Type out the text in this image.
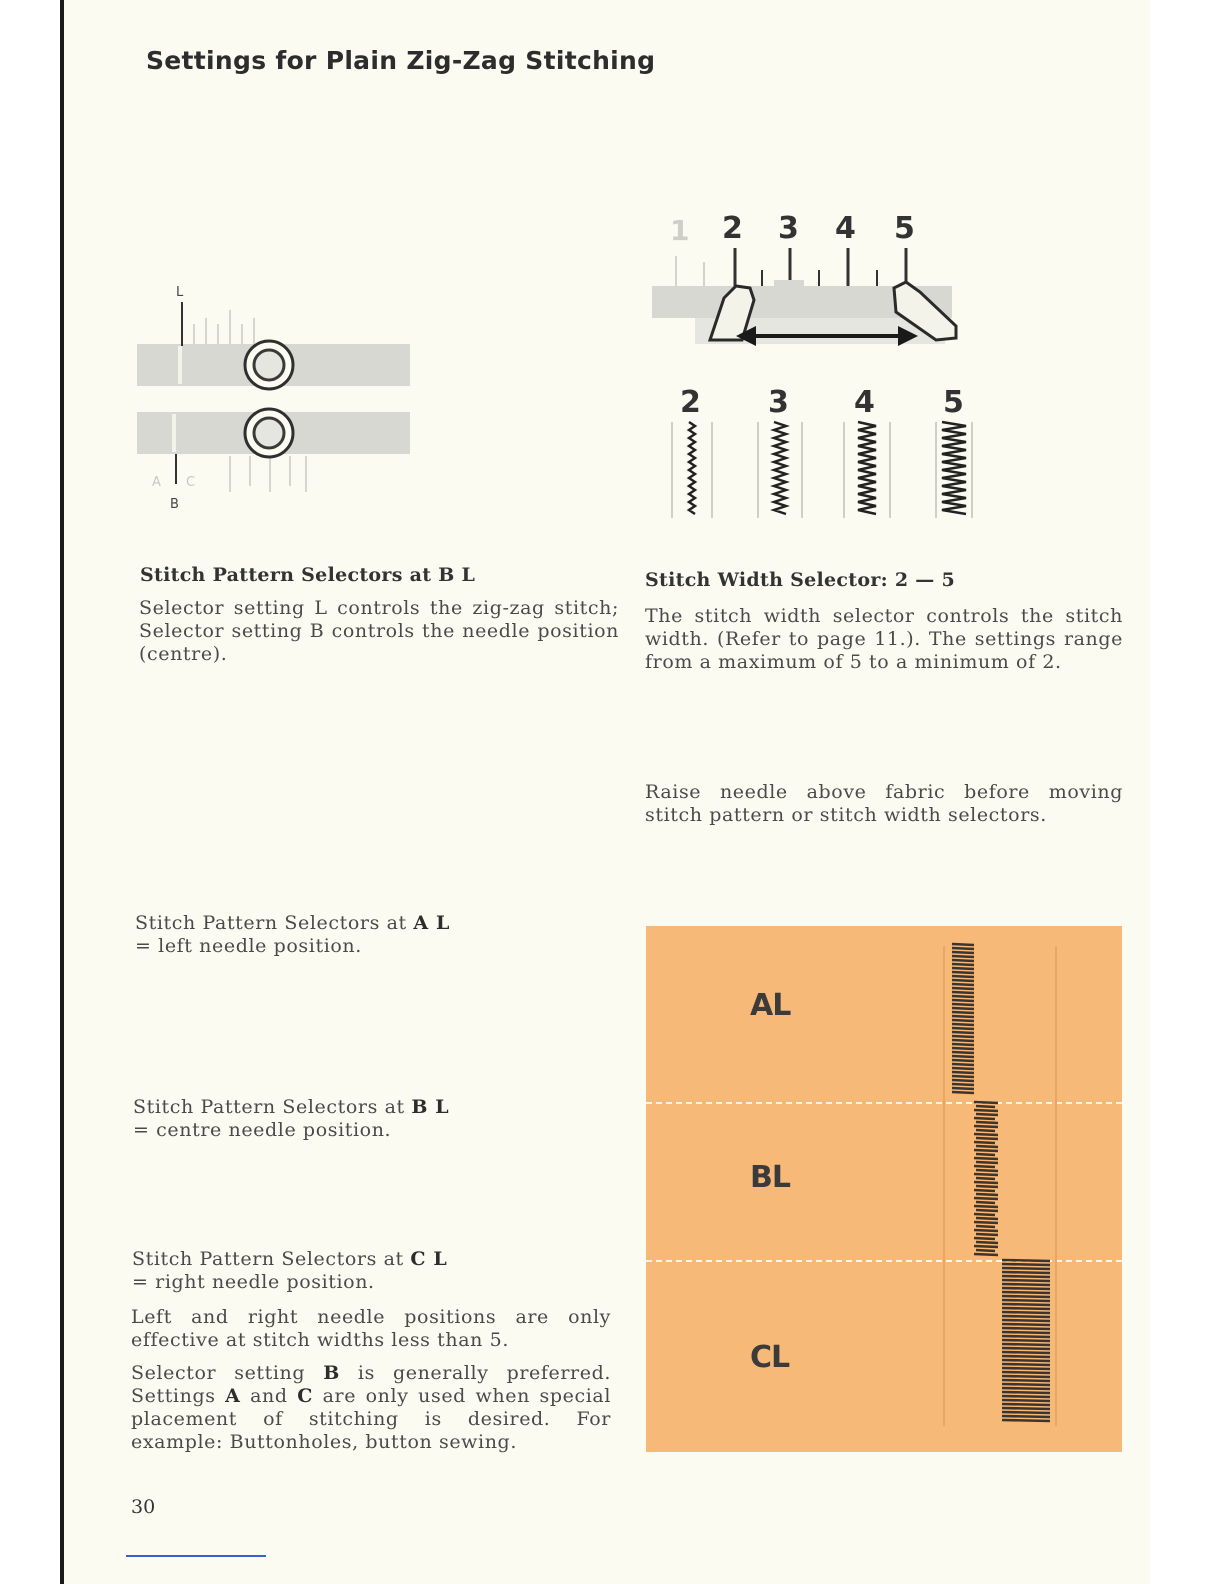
Settings for Plain Zig-Zag Stitching
L
A C
B
1 2 3 4 5
2 3 4 5
Stitch Pattern Selectors at B L

Selector setting L controls the zig-zag stitch; Selector setting B controls the needle position (centre).

Stitch Width Selector: 2 — 5

The stitch width selector controls the stitch width. (Refer to page 11.). The settings range from a maximum of 5 to a minimum of 2.

Raise needle above fabric before moving stitch pattern or stitch width selectors.

Stitch Pattern Selectors at A L
= left needle position.

Stitch Pattern Selectors at B L
= centre needle position.

Stitch Pattern Selectors at C L
= right needle position.

Left and right needle positions are only effective at stitch widths less than 5.

Selector setting B is generally preferred. Settings A and C are only used when special placement of stitching is desired. For example: Buttonholes, button sewing.

AL
BL
CL
30
